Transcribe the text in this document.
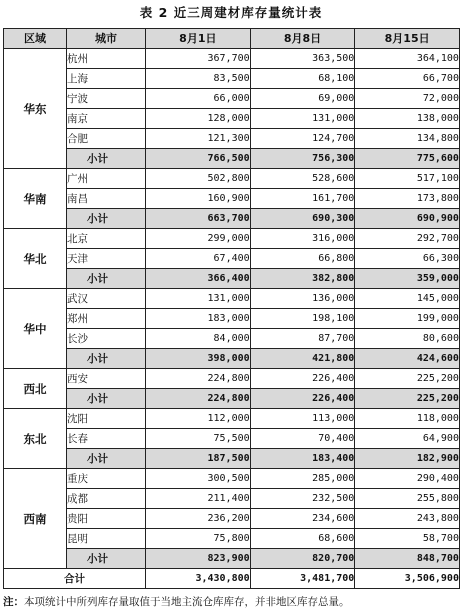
表 2 近三周建材库存量统计表
区域	城市	8月1日	8月8日	8月15日
华东	杭州	367,700	363,500	364,100
	上海	83,500	68,100	66,700
	宁波	66,000	69,000	72,000
	南京	128,000	131,000	138,000
	合肥	121,300	124,700	134,800
	小计	766,500	756,300	775,600
华南	广州	502,800	528,600	517,100
	南昌	160,900	161,700	173,800
	小计	663,700	690,300	690,900
华北	北京	299,000	316,000	292,700
	天津	67,400	66,800	66,300
	小计	366,400	382,800	359,000
华中	武汉	131,000	136,000	145,000
	郑州	183,000	198,100	199,000
	长沙	84,000	87,700	80,600
	小计	398,000	421,800	424,600
西北	西安	224,800	226,400	225,200
	小计	224,800	226,400	225,200
东北	沈阳	112,000	113,000	118,000
	长春	75,500	70,400	64,900
	小计	187,500	183,400	182,900
西南	重庆	300,500	285,000	290,400
	成都	211,400	232,500	255,800
	贵阳	236,200	234,600	243,800
	昆明	75,800	68,600	58,700
	小计	823,900	820,700	848,700
合计		3,430,800	3,481,700	3,506,900
注：本项统计中所列库存量取值于当地主流仓库库存，并非地区库存总量。
